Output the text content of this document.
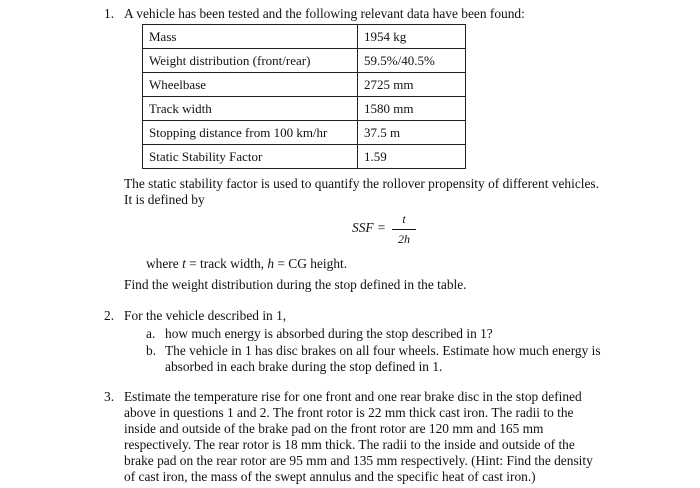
1. A vehicle has been tested and the following relevant data have been found:
Mass	1954 kg
Weight distribution (front/rear)	59.5%/40.5%
Wheelbase	2725 mm
Track width	1580 mm
Stopping distance from 100 km/hr	37.5 m
Static Stability Factor	1.59
The static stability factor is used to quantify the rollover propensity of different vehicles.
It is defined by
SSF =
t
2h
where t = track width, h = CG height.
Find the weight distribution during the stop defined in the table.
2. For the vehicle described in 1,
a. how much energy is absorbed during the stop described in 1?
b. The vehicle in 1 has disc brakes on all four wheels. Estimate how much energy is
absorbed in each brake during the stop defined in 1.
3. Estimate the temperature rise for one front and one rear brake disc in the stop defined
above in questions 1 and 2. The front rotor is 22 mm thick cast iron. The radii to the
inside and outside of the brake pad on the front rotor are 120 mm and 165 mm
respectively. The rear rotor is 18 mm thick. The radii to the inside and outside of the
brake pad on the rear rotor are 95 mm and 135 mm respectively. (Hint: Find the density
of cast iron, the mass of the swept annulus and the specific heat of cast iron.)
